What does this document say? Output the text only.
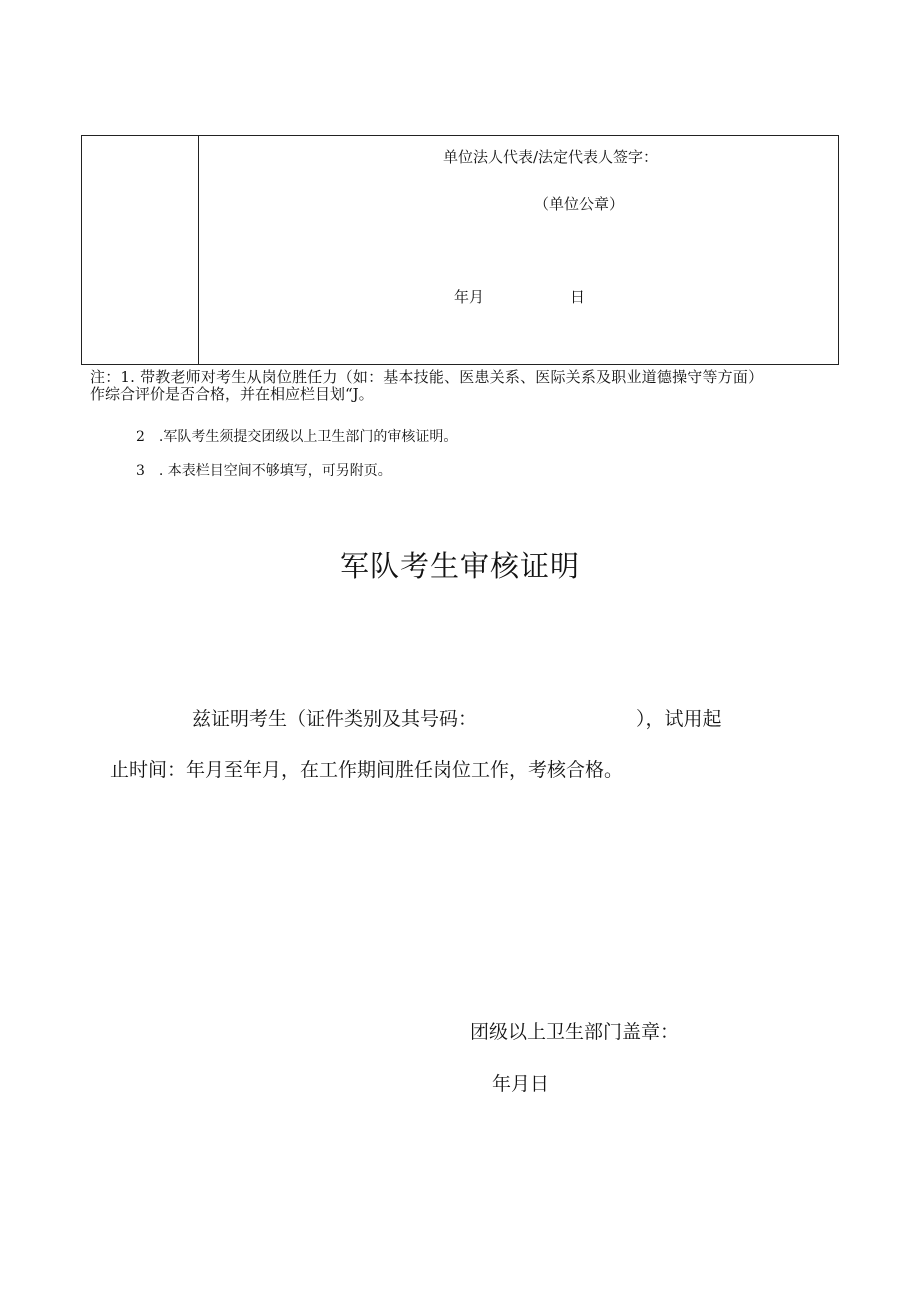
单位法人代表/法定代表人签字：
（单位公章）
年月	日
注：1. 带教老师对考生从岗位胜任力（如：基本技能、医患关系、医际关系及职业道德操守等方面）
作综合评价是否合格，并在相应栏目划“J。
2　.军队考生须提交团级以上卫生部门的审核证明。
3　. 本表栏目空间不够填写，可另附页。
军队考生审核证明
兹证明考生（证件类别及其号码：	），试用起
止时间：年月至年月，在工作期间胜任岗位工作，考核合格。
团级以上卫生部门盖章：
年月日
